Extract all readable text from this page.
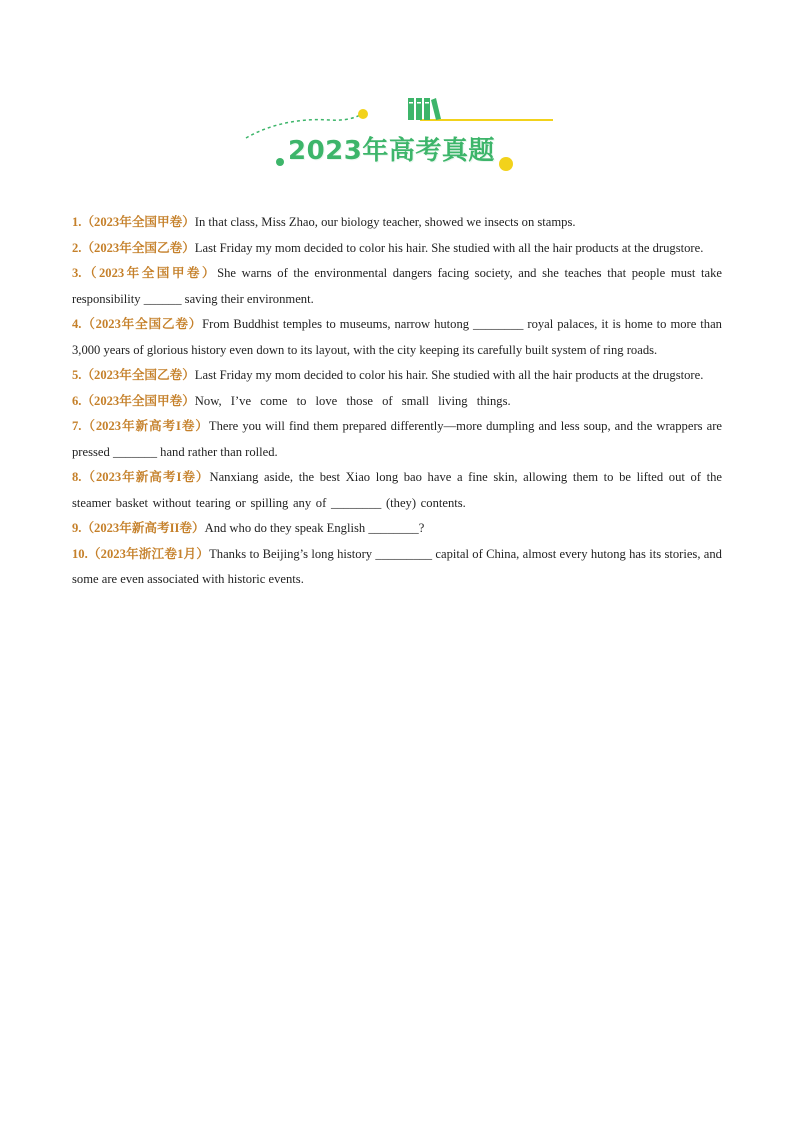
2023年高考真题
1.（2023年全国甲卷）In that class, Miss Zhao, our biology teacher, showed we insects on stamps.
2.（2023年全国乙卷）Last Friday my mom decided to color his hair. She studied with all the hair products at the drugstore.
3.（2023年全国甲卷）She warns of the environmental dangers facing society, and she teaches that people must take responsibility ______ saving their environment.
4.（2023年全国乙卷）From Buddhist temples to museums, narrow hutong ________ royal palaces, it is home to more than 3,000 years of glorious history even down to its layout, with the city keeping its carefully built system of ring roads.
5.（2023年全国乙卷）Last Friday my mom decided to color his hair. She studied with all the hair products at the drugstore.
6.（2023年全国甲卷）Now, I’ve come to love those of small living things.
7.（2023年新高考I卷）There you will find them prepared differently—more dumpling and less soup, and the wrappers are pressed _______ hand rather than rolled.
8.（2023年新高考I卷）Nanxiang aside, the best Xiao long bao have a fine skin, allowing them to be lifted out of the steamer basket without tearing or spilling any of ________ (they) contents.
9.（2023年新高考II卷）And who do they speak English ________?
10.（2023年浙江卷1月）Thanks to Beijing’s long history _________ capital of China, almost every hutong has its stories, and some are even associated with historic events.
